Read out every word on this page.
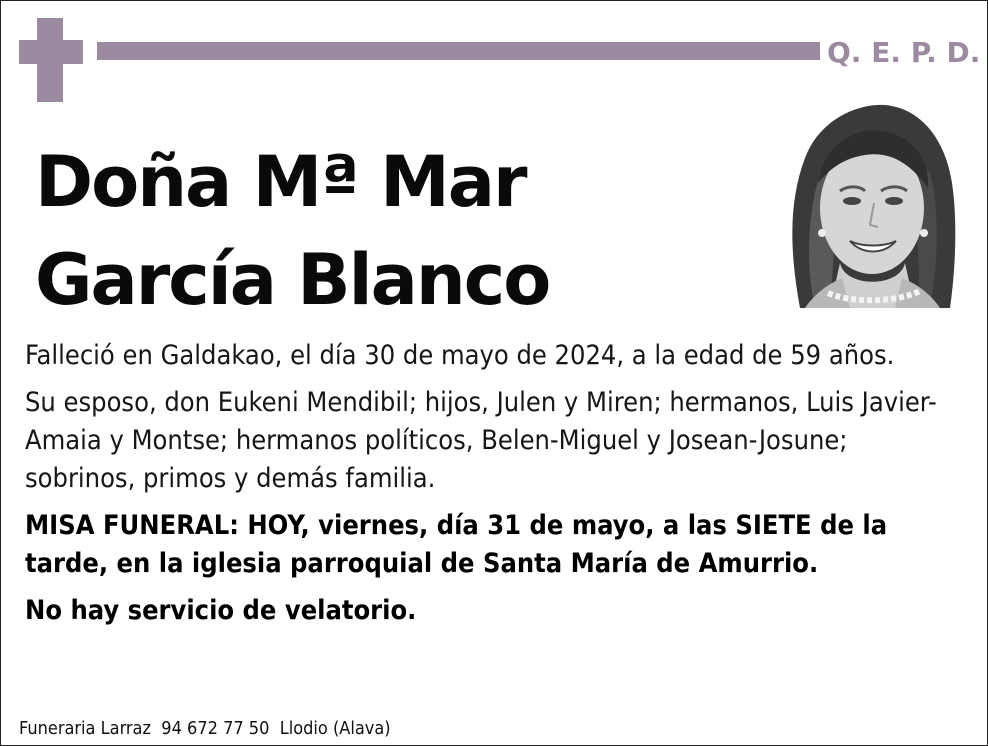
Q. E. P. D.
Doña Mª Mar
García Blanco

Falleció en Galdakao, el día 30 de mayo de 2024, a la edad de 59 años.

Su esposo, don Eukeni Mendibil; hijos, Julen y Miren; hermanos, Luis Javier-Amaia y Montse; hermanos políticos, Belen-Miguel y Josean-Josune; sobrinos, primos y demás familia.

MISA FUNERAL: HOY, viernes, día 31 de mayo, a las SIETE de la tarde, en la iglesia parroquial de Santa María de Amurrio.

No hay servicio de velatorio.

Funeraria Larraz 94 672 77 50 Llodio (Alava)
